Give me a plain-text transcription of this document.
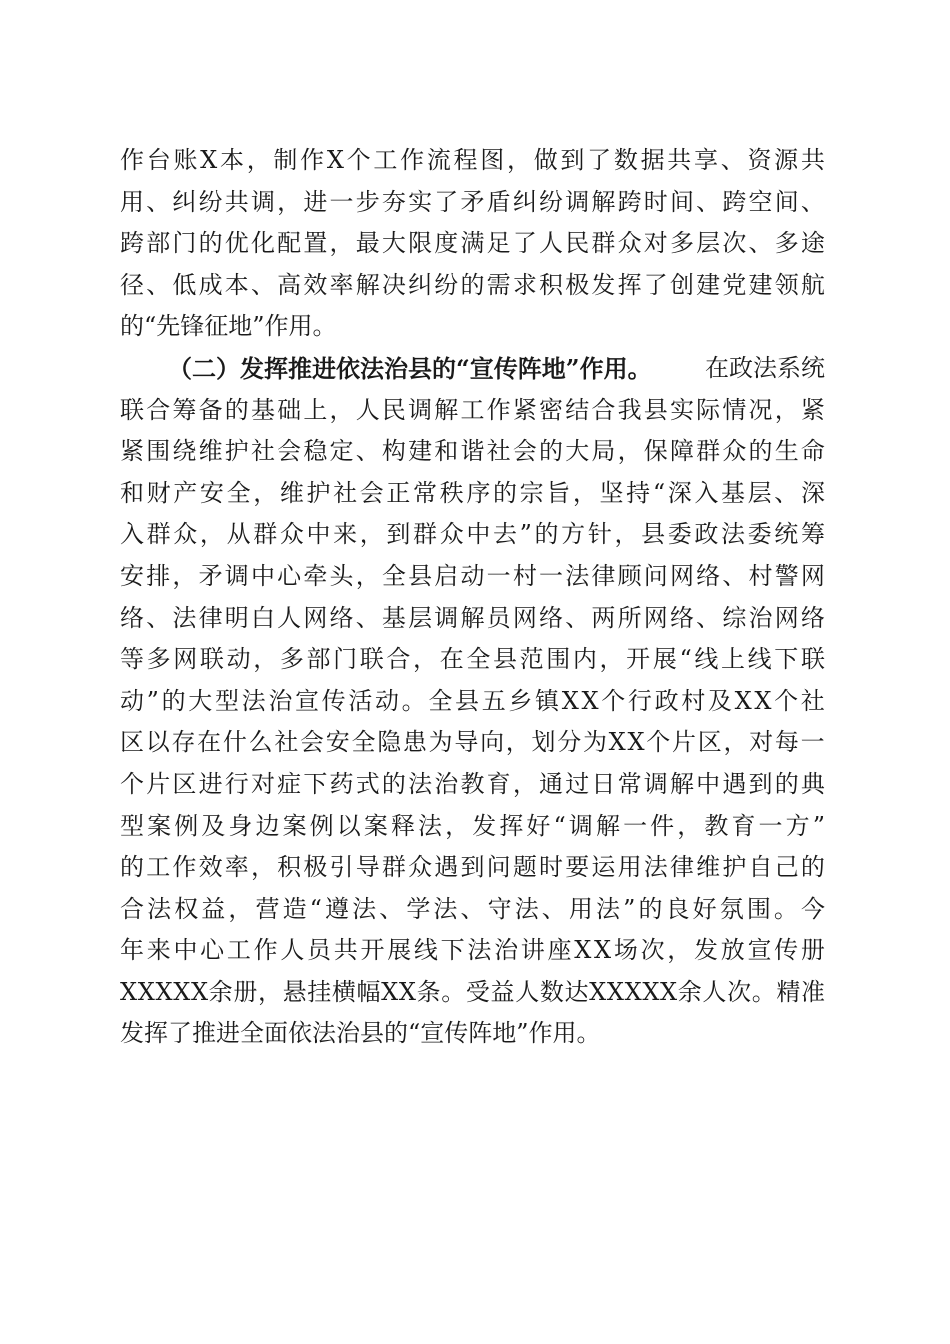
作 台 账 X 本 ， 制 作 X 个 工 作 流 程 图 ， 做 到 了 数 据 共 享 、 资 源 共
用 、 纠 纷 共 调 ， 进 一 步 夯 实 了 矛 盾 纠 纷 调 解 跨 时 间 、 跨 空 间 、
跨 部 门 的 优 化 配 置 ， 最 大 限 度 满 足 了 人 民 群 众 对 多 层 次 、 多 途
径 、 低 成 本 、 高 效 率 解 决 纠 纷 的 需 求 积 极 发 挥 了 创 建 党 建 领 航
的“先锋征地”作用。
（二）发挥推进依法治县的“宣传阵地”作用。 在政法系统
联 合 筹 备 的 基 础 上 ， 人 民 调 解 工 作 紧 密 结 合 我 县 实 际 情 况 ， 紧
紧 围 绕 维 护 社 会 稳 定 、 构 建 和 谐 社 会 的 大 局 ， 保 障 群 众 的 生 命
和 财 产 安 全 ， 维 护 社 会 正 常 秩 序 的 宗 旨 ， 坚 持 “ 深 入 基 层 、 深
入 群 众 ， 从 群 众 中 来 ， 到 群 众 中 去 ” 的 方 针 ， 县 委 政 法 委 统 筹
安 排 ， 矛 调 中 心 牵 头 ， 全 县 启 动 一 村 一 法 律 顾 问 网 络 、 村 警 网
络 、 法 律 明 白 人 网 络 、 基 层 调 解 员 网 络 、 两 所 网 络 、 综 治 网 络
等 多 网 联 动 ， 多 部 门 联 合 ， 在 全 县 范 围 内 ， 开 展 “ 线 上 线 下 联
动 ” 的 大 型 法 治 宣 传 活 动 。 全 县 五 乡 镇 X X 个 行 政 村 及 X X 个 社
区 以 存 在 什 么 社 会 安 全 隐 患 为 导 向 ， 划 分 为 X X 个 片 区 ， 对 每 一
个 片 区 进 行 对 症 下 药 式 的 法 治 教 育 ， 通 过 日 常 调 解 中 遇 到 的 典
型 案 例 及 身 边 案 例 以 案 释 法 ， 发 挥 好 “ 调 解 一 件 ， 教 育 一 方 ”
的 工 作 效 率 ， 积 极 引 导 群 众 遇 到 问 题 时 要 运 用 法 律 维 护 自 己 的
合 法 权 益 ， 营 造 “ 遵 法 、 学 法 、 守 法 、 用 法 ” 的 良 好 氛 围 。 今
年 来 中 心 工 作 人 员 共 开 展 线 下 法 治 讲 座 X X 场 次 ， 发 放 宣 传 册
X X X X X 余 册 ， 悬 挂 横 幅 X X 条 。 受 益 人 数 达 X X X X X 余 人 次 。 精 准
发挥了推进全面依法治县的“宣传阵地”作用。
